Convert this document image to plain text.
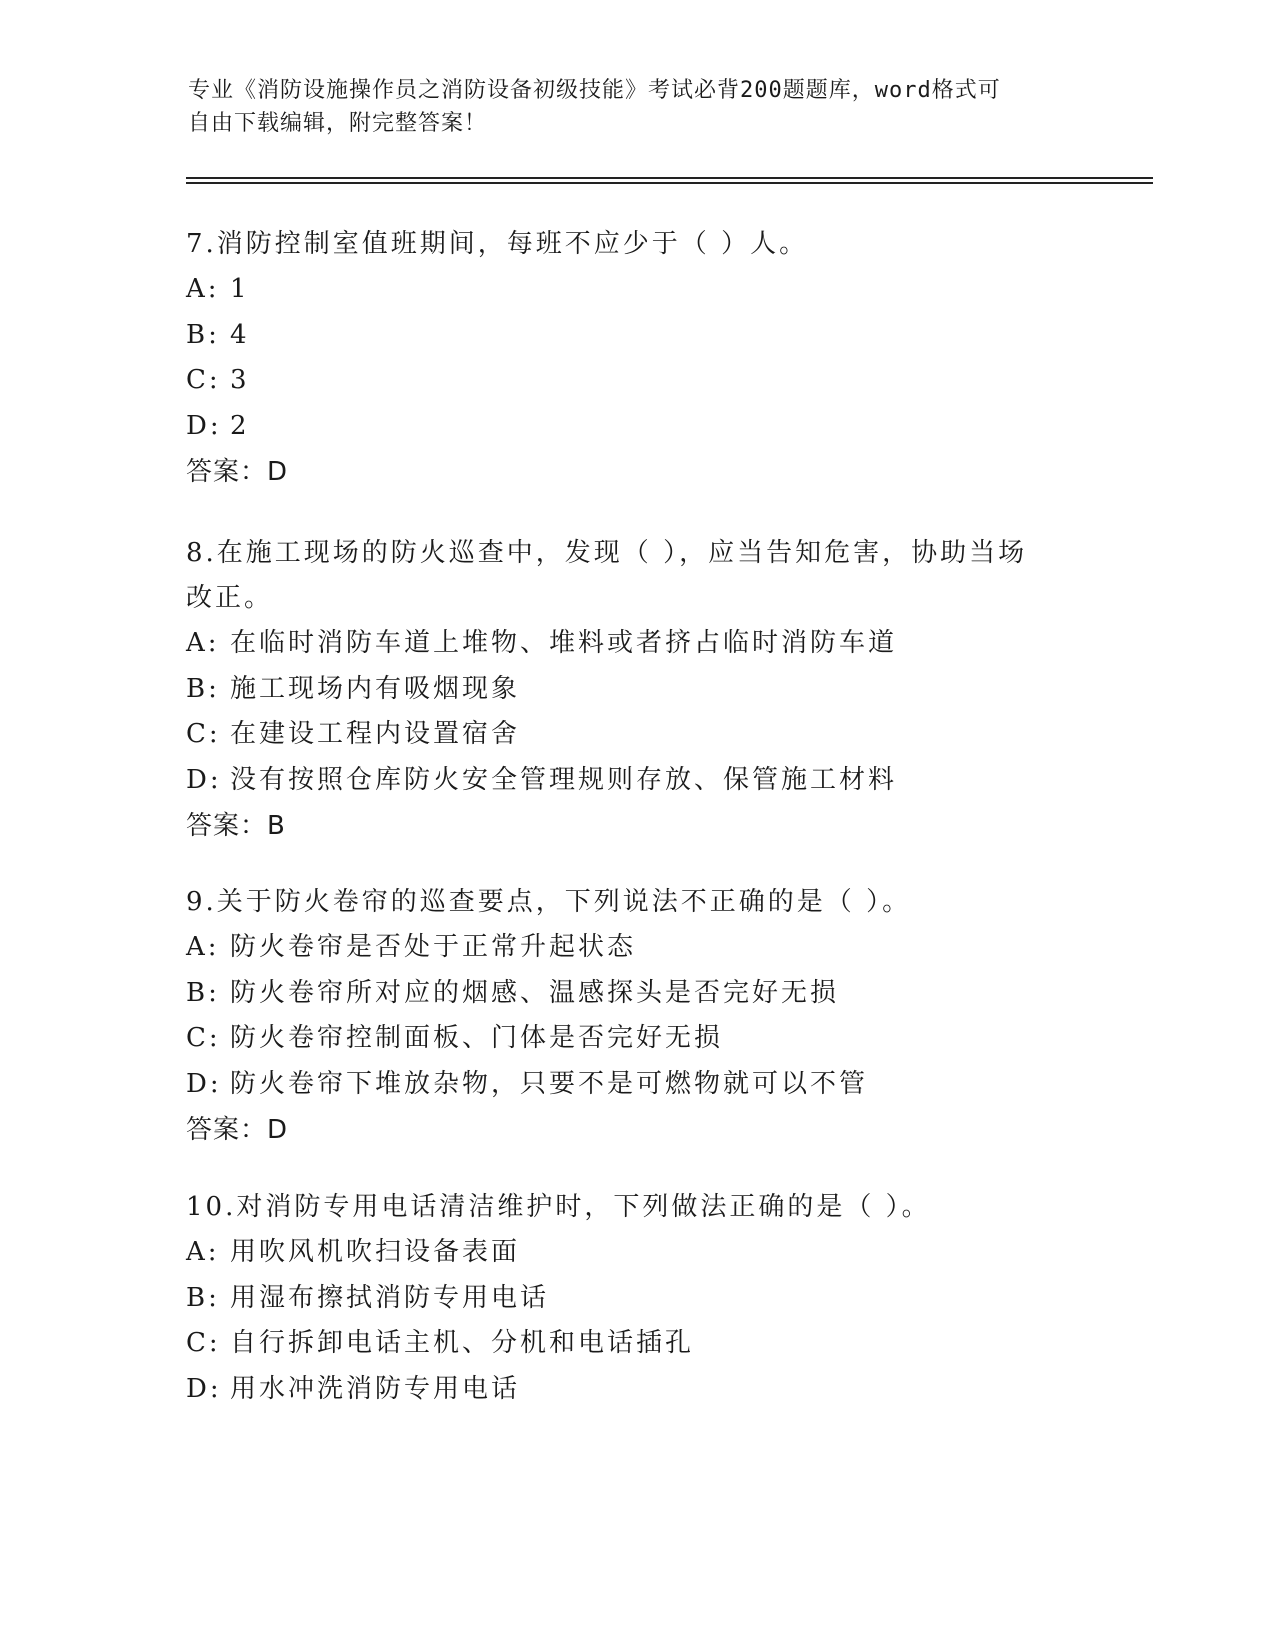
专业《消防设施操作员之消防设备初级技能》考试必背200题题库，word格式可
自由下载编辑，附完整答案！
7.消防控制室值班期间，每班不应少于（ ）人。
A: 1
B: 4
C: 3
D: 2
答案：D
8.在施工现场的防火巡查中，发现（ ），应当告知危害，协助当场
改正。
A: 在临时消防车道上堆物、堆料或者挤占临时消防车道
B: 施工现场内有吸烟现象
C: 在建设工程内设置宿舍
D: 没有按照仓库防火安全管理规则存放、保管施工材料
答案：B
9.关于防火卷帘的巡查要点，下列说法不正确的是（ ）。
A: 防火卷帘是否处于正常升起状态
B: 防火卷帘所对应的烟感、温感探头是否完好无损
C: 防火卷帘控制面板、门体是否完好无损
D: 防火卷帘下堆放杂物，只要不是可燃物就可以不管
答案：D
10.对消防专用电话清洁维护时，下列做法正确的是（ ）。
A: 用吹风机吹扫设备表面
B: 用湿布擦拭消防专用电话
C: 自行拆卸电话主机、分机和电话插孔
D: 用水冲洗消防专用电话
